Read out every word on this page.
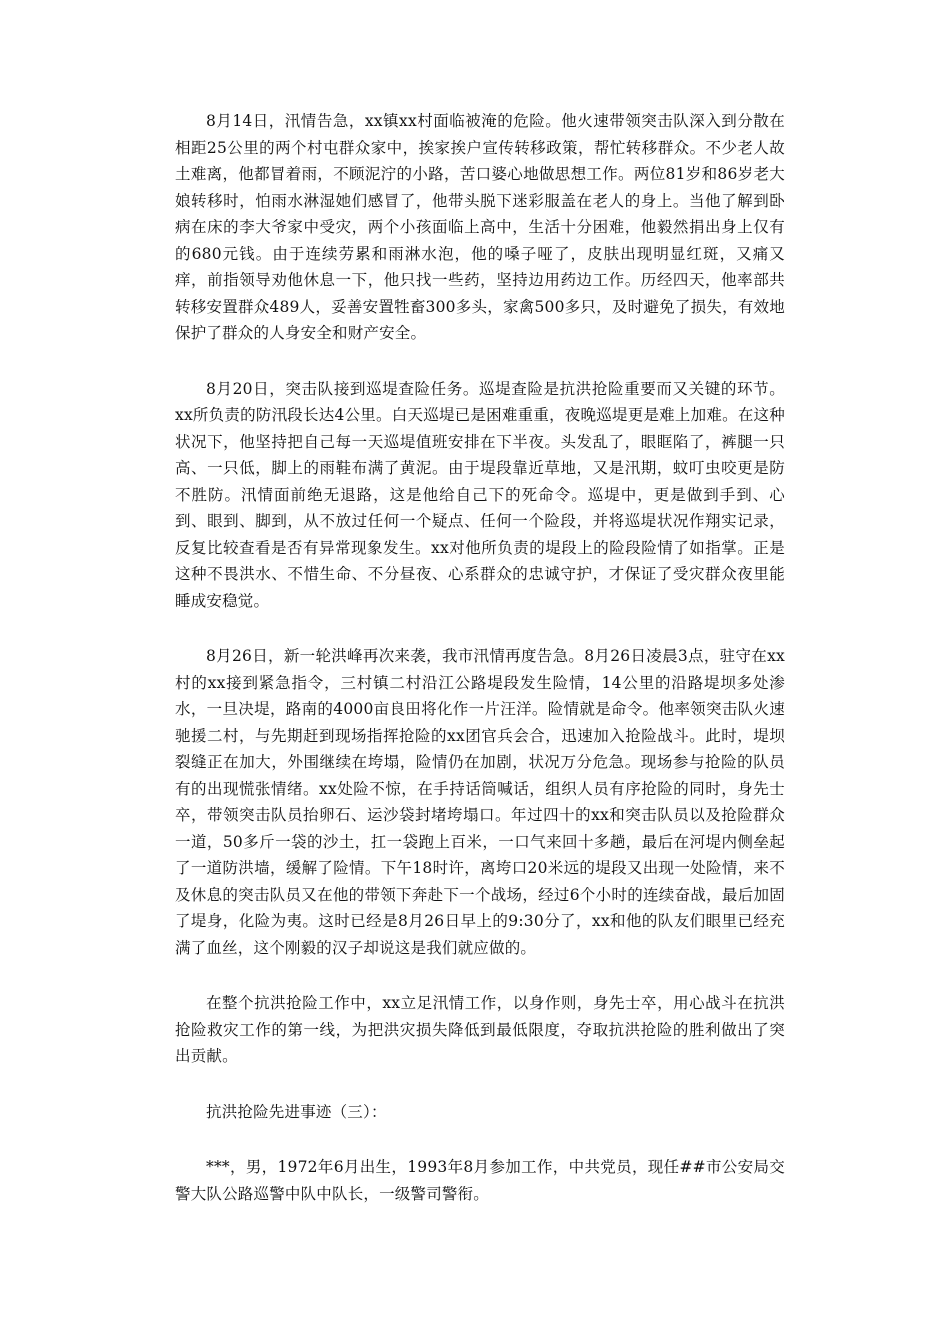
8月14日，汛情告急，xx镇xx村面临被淹的危险。他火速带领突击队深入到分散在相距25公里的两个村屯群众家中，挨家挨户宣传转移政策，帮忙转移群众。不少老人故土难离，他都冒着雨，不顾泥泞的小路，苦口婆心地做思想工作。两位81岁和86岁老大娘转移时，怕雨水淋湿她们感冒了，他带头脱下迷彩服盖在老人的身上。当他了解到卧病在床的李大爷家中受灾，两个小孩面临上高中，生活十分困难，他毅然捐出身上仅有的680元钱。由于连续劳累和雨淋水泡，他的嗓子哑了，皮肤出现明显红斑，又痛又痒，前指领导劝他休息一下，他只找一些药，坚持边用药边工作。历经四天，他率部共转移安置群众489人，妥善安置牲畜300多头，家禽500多只，及时避免了损失，有效地保护了群众的人身安全和财产安全。

8月20日，突击队接到巡堤查险任务。巡堤查险是抗洪抢险重要而又关键的环节。xx所负责的防汛段长达4公里。白天巡堤已是困难重重，夜晚巡堤更是难上加难。在这种状况下，他坚持把自己每一天巡堤值班安排在下半夜。头发乱了，眼眶陷了，裤腿一只高、一只低，脚上的雨鞋布满了黄泥。由于堤段靠近草地，又是汛期，蚊叮虫咬更是防不胜防。汛情面前绝无退路，这是他给自己下的死命令。巡堤中，更是做到手到、心到、眼到、脚到，从不放过任何一个疑点、任何一个险段，并将巡堤状况作翔实记录，反复比较查看是否有异常现象发生。xx对他所负责的堤段上的险段险情了如指掌。正是这种不畏洪水、不惜生命、不分昼夜、心系群众的忠诚守护，才保证了受灾群众夜里能睡成安稳觉。

8月26日，新一轮洪峰再次来袭，我市汛情再度告急。8月26日凌晨3点，驻守在xx村的xx接到紧急指令，三村镇二村沿江公路堤段发生险情，14公里的沿路堤坝多处渗水，一旦决堤，路南的4000亩良田将化作一片汪洋。险情就是命令。他率领突击队火速驰援二村，与先期赶到现场指挥抢险的xx团官兵会合，迅速加入抢险战斗。此时，堤坝裂缝正在加大，外围继续在垮塌，险情仍在加剧，状况万分危急。现场参与抢险的队员有的出现慌张情绪。xx处险不惊，在手持话筒喊话，组织人员有序抢险的同时，身先士卒，带领突击队员抬卵石、运沙袋封堵垮塌口。年过四十的xx和突击队员以及抢险群众一道，50多斤一袋的沙土，扛一袋跑上百米，一口气来回十多趟，最后在河堤内侧垒起了一道防洪墙，缓解了险情。下午18时许，离垮口20米远的堤段又出现一处险情，来不及休息的突击队员又在他的带领下奔赴下一个战场，经过6个小时的连续奋战，最后加固了堤身，化险为夷。这时已经是8月26日早上的9:30分了，xx和他的队友们眼里已经充满了血丝，这个刚毅的汉子却说这是我们就应做的。

在整个抗洪抢险工作中，xx立足汛情工作，以身作则，身先士卒，用心战斗在抗洪抢险救灾工作的第一线，为把洪灾损失降低到最低限度，夺取抗洪抢险的胜利做出了突出贡献。

抗洪抢险先进事迹（三）：

***，男，1972年6月出生，1993年8月参加工作，中共党员，现任##市公安局交警大队公路巡警中队中队长，一级警司警衔。
